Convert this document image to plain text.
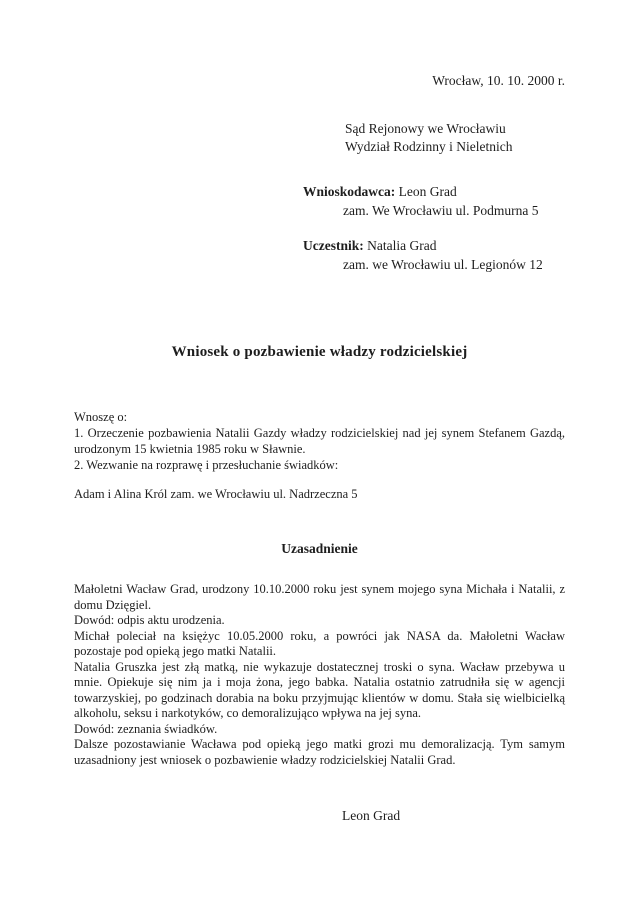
Wrocław, 10. 10. 2000 r.
Sąd Rejonowy we Wrocławiu
Wydział Rodzinny i Nieletnich
Wnioskodawca: Leon Grad
zam. We Wrocławiu ul. Podmurna 5
Uczestnik: Natalia Grad
zam. we Wrocławiu ul. Legionów 12
Wniosek o pozbawienie władzy rodzicielskiej

Wnoszę o:

1. Orzeczenie pozbawienia Natalii Gazdy władzy rodzicielskiej nad jej synem Stefanem Gazdą, urodzonym 15 kwietnia 1985 roku w Sławnie.

2. Wezwanie na rozprawę i przesłuchanie świadków:

Adam i Alina Król zam. we Wrocławiu ul. Nadrzeczna 5

Uzasadnienie

Małoletni Wacław Grad, urodzony 10.10.2000 roku jest synem mojego syna Michała i Natalii, z domu Dzięgiel.

Dowód: odpis aktu urodzenia.

Michał poleciał na księżyc 10.05.2000 roku, a powróci jak NASA da. Małoletni Wacław pozostaje pod opieką jego matki Natalii.

Natalia Gruszka jest złą matką, nie wykazuje dostatecznej troski o syna. Wacław przebywa u mnie. Opiekuje się nim ja i moja żona, jego babka. Natalia ostatnio zatrudniła się w agencji towarzyskiej, po godzinach dorabia na boku przyjmując klientów w domu. Stała się wielbicielką alkoholu, seksu i narkotyków, co demoralizująco wpływa na jej syna.

Dowód: zeznania świadków.

Dalsze pozostawianie Wacława pod opieką jego matki grozi mu demoralizacją. Tym samym uzasadniony jest wniosek o pozbawienie władzy rodzicielskiej Natalii Grad.

Leon Grad
